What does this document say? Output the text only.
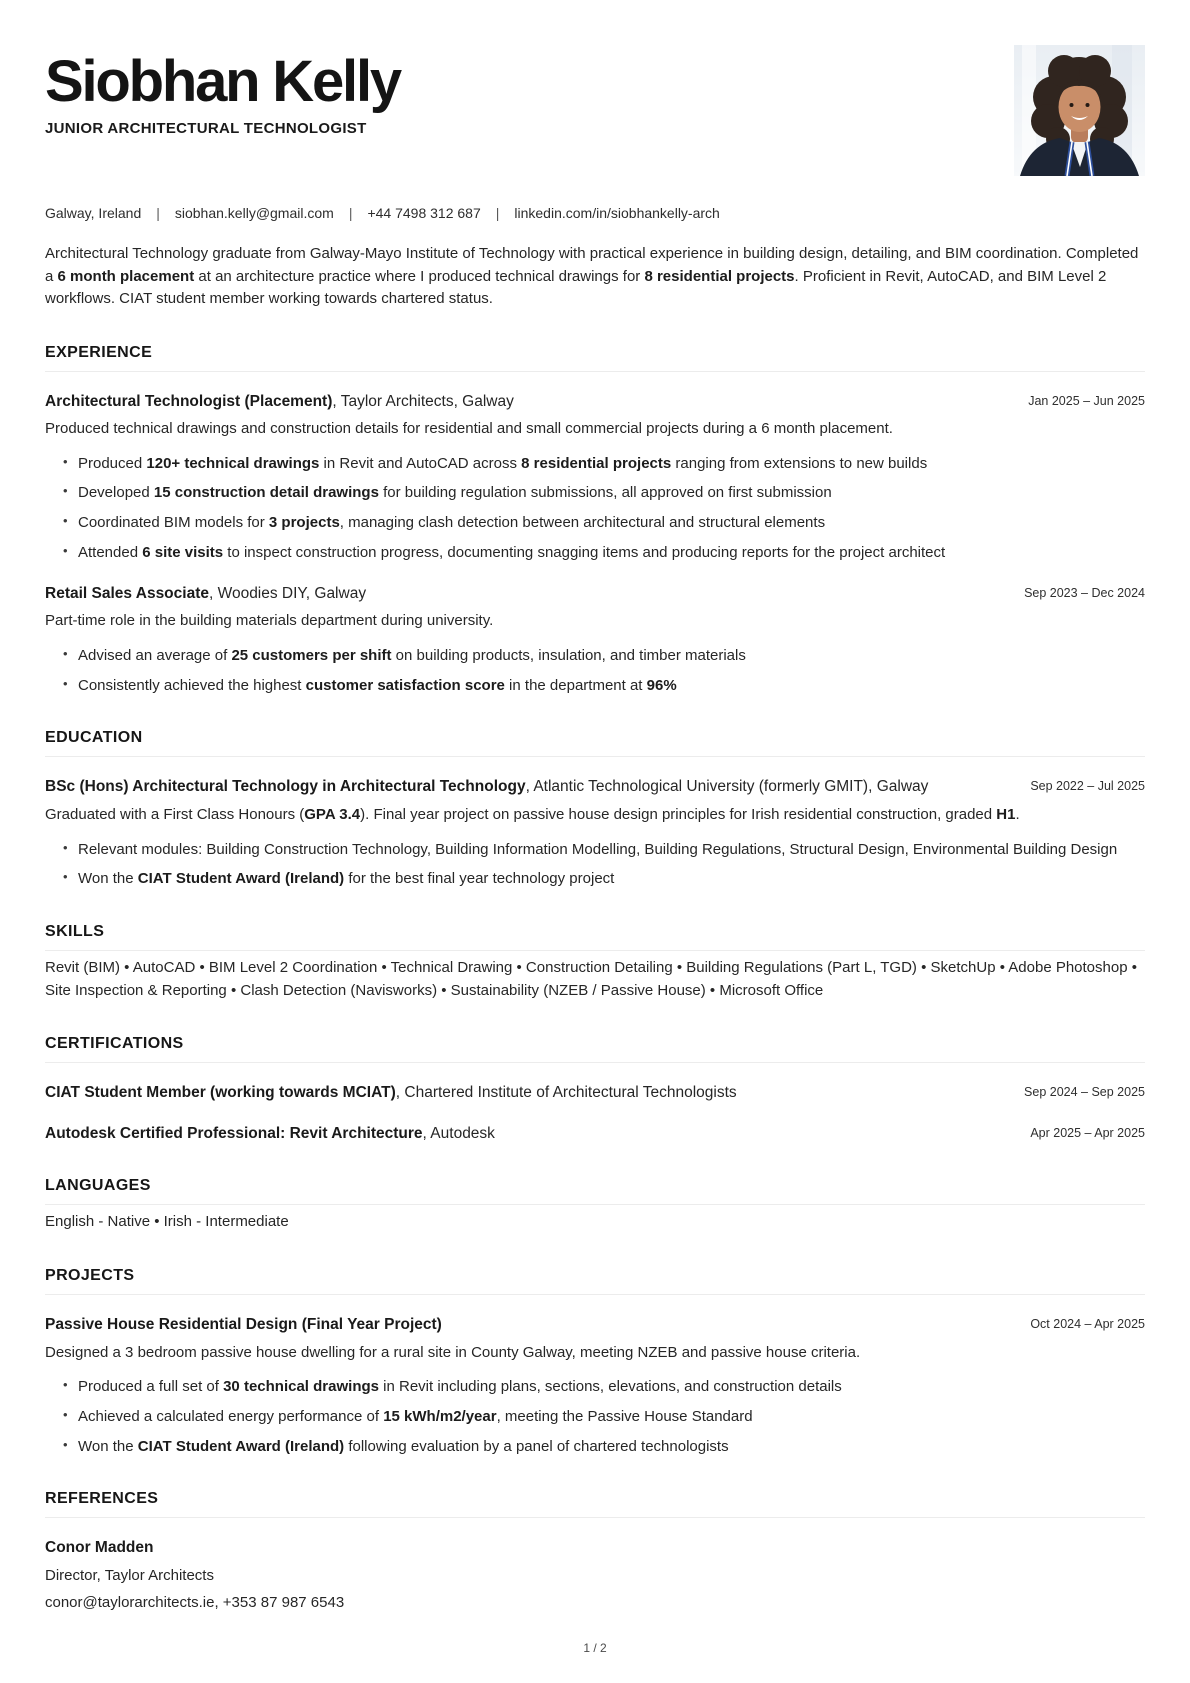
Siobhan Kelly
JUNIOR ARCHITECTURAL TECHNOLOGIST
Galway, Ireland | siobhan.kelly@gmail.com | +44 7498 312 687 | linkedin.com/in/siobhankelly-arch

Architectural Technology graduate from Galway-Mayo Institute of Technology with practical experience in building design, detailing, and BIM coordination. Completed a 6 month placement at an architecture practice where I produced technical drawings for 8 residential projects. Proficient in Revit, AutoCAD, and BIM Level 2 workflows. CIAT student member working towards chartered status.

EXPERIENCE
Architectural Technologist (Placement), Taylor Architects, Galway	Jan 2025 – Jun 2025

Produced technical drawings and construction details for residential and small commercial projects during a 6 month placement.

• Produced 120+ technical drawings in Revit and AutoCAD across 8 residential projects ranging from extensions to new builds
• Developed 15 construction detail drawings for building regulation submissions, all approved on first submission
• Coordinated BIM models for 3 projects, managing clash detection between architectural and structural elements
• Attended 6 site visits to inspect construction progress, documenting snagging items and producing reports for the project architect
Retail Sales Associate, Woodies DIY, Galway	Sep 2023 – Dec 2024

Part-time role in the building materials department during university.

• Advised an average of 25 customers per shift on building products, insulation, and timber materials
• Consistently achieved the highest customer satisfaction score in the department at 96%
EDUCATION
BSc (Hons) Architectural Technology in Architectural Technology, Atlantic Technological University (formerly GMIT), Galway	Sep 2022 – Jul 2025

Graduated with a First Class Honours (GPA 3.4). Final year project on passive house design principles for Irish residential construction, graded H1.

• Relevant modules: Building Construction Technology, Building Information Modelling, Building Regulations, Structural Design, Environmental Building Design
• Won the CIAT Student Award (Ireland) for the best final year technology project
SKILLS

Revit (BIM) • AutoCAD • BIM Level 2 Coordination • Technical Drawing • Construction Detailing • Building Regulations (Part L, TGD) • SketchUp • Adobe Photoshop • Site Inspection & Reporting • Clash Detection (Navisworks) • Sustainability (NZEB / Passive House) • Microsoft Office

CERTIFICATIONS
CIAT Student Member (working towards MCIAT), Chartered Institute of Architectural Technologists	Sep 2024 – Sep 2025
Autodesk Certified Professional: Revit Architecture, Autodesk	Apr 2025 – Apr 2025
LANGUAGES

English - Native • Irish - Intermediate

PROJECTS
Passive House Residential Design (Final Year Project)	Oct 2024 – Apr 2025

Designed a 3 bedroom passive house dwelling for a rural site in County Galway, meeting NZEB and passive house criteria.

• Produced a full set of 30 technical drawings in Revit including plans, sections, elevations, and construction details
• Achieved a calculated energy performance of 15 kWh/m2/year, meeting the Passive House Standard
• Won the CIAT Student Award (Ireland) following evaluation by a panel of chartered technologists
REFERENCES
Conor Madden

Director, Taylor Architects

conor@taylorarchitects.ie, +353 87 987 6543

1 / 2
